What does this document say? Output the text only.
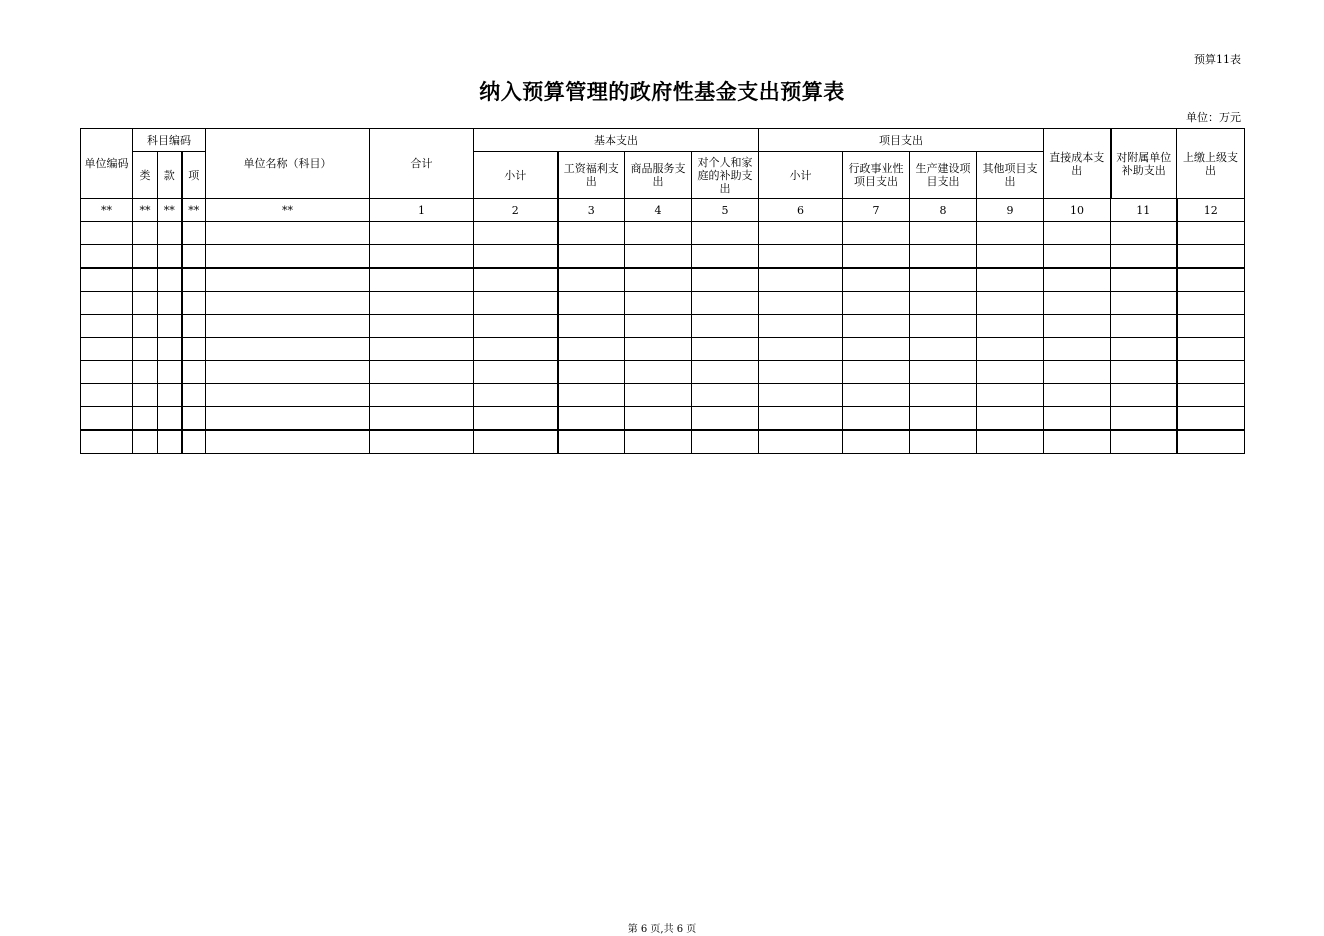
预算11表
纳入预算管理的政府性基金支出预算表
单位：万元
单位编码	科目编码			单位名称（科目）	合计	基本支出				项目支出				直接成本支出	对附属单位补助支出	上缴上级支出
	类	款	项			小计	工资福利支出	商品服务支出	对个人和家庭的补助支出	小计	行政事业性项目支出	生产建设项目支出	其他项目支出			
**	**	**	**	**	1	2	3	4	5	6	7	8	9	10	11	12

第 6 页,共 6 页
